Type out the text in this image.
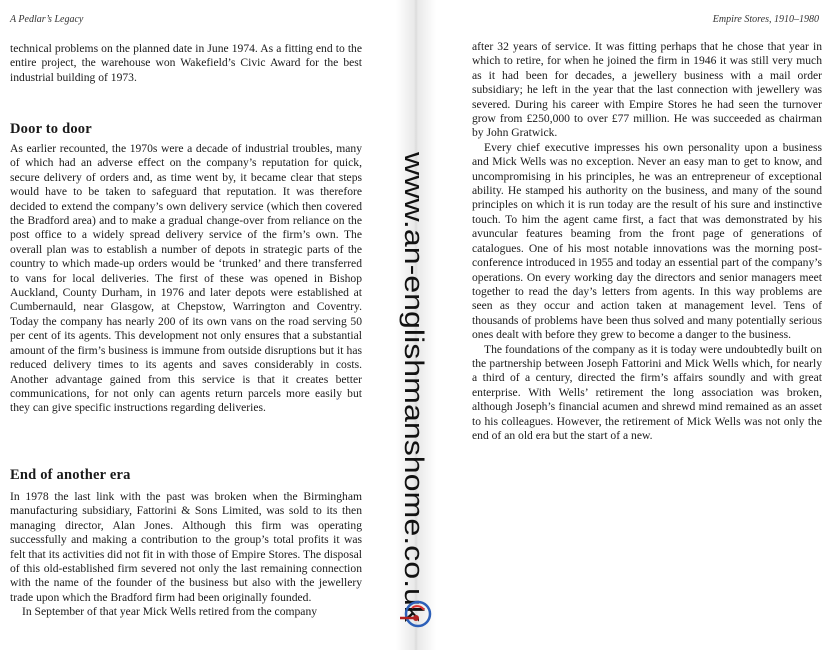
A Pedlar’s Legacy

technical problems on the planned date in June 1974. As a fitting end to the entire project, the warehouse won Wakefield’s Civic Award for the best industrial building of 1973.

Door to door

As earlier recounted, the 1970s were a decade of industrial troubles, many of which had an adverse effect on the company’s reputation for quick, secure delivery of orders and, as time went by, it became clear that steps would have to be taken to safeguard that reputation. It was therefore decided to extend the company’s own delivery service (which then covered the Bradford area) and to make a gradual change-over from reliance on the post office to a widely spread delivery service of the firm’s own. The overall plan was to establish a number of depots in strategic parts of the country to which made-up orders would be ‘trunked’ and there transferred to vans for local deliveries. The first of these was opened in Bishop Auckland, County Durham, in 1976 and later depots were established at Cumbernauld, near Glasgow, at Chepstow, Warrington and Coventry. Today the company has nearly 200 of its own vans on the road serving 50 per cent of its agents. This development not only ensures that a substantial amount of the firm’s business is immune from outside disruptions but it has reduced delivery times to its agents and saves considerably in costs. Another advantage gained from this service is that it creates better communications, for not only can agents return parcels more easily but they can give specific instructions regarding deliveries.

End of another era

In 1978 the last link with the past was broken when the Birmingham manufacturing subsidiary, Fattorini & Sons Limited, was sold to its then managing director, Alan Jones. Although this firm was operating successfully and making a contribution to the group’s total profits it was felt that its activities did not fit in with those of Empire Stores. The disposal of this old-established firm severed not only the last remaining connection with the name of the founder of the business but also with the jewellery trade upon which the Bradford firm had been originally founded.

In September of that year Mick Wells retired from the company

Empire Stores, 1910–1980

after 32 years of service. It was fitting perhaps that he chose that year in which to retire, for when he joined the firm in 1946 it was still very much as it had been for decades, a jewellery business with a mail order subsidiary; he left in the year that the last connection with jewellery was severed. During his career with Empire Stores he had seen the turnover grow from £250,000 to over £77 million. He was succeeded as chairman by John Gratwick.

Every chief executive impresses his own personality upon a business and Mick Wells was no exception. Never an easy man to get to know, and uncompromising in his principles, he was an entrepreneur of exceptional ability. He stamped his authority on the business, and many of the sound principles on which it is run today are the result of his sure and instinctive touch. To him the agent came first, a fact that was demonstrated by his avuncular features beaming from the front page of generations of catalogues. One of his most notable innovations was the morning post-conference introduced in 1955 and today an essential part of the company’s operations. On every working day the directors and senior managers meet together to read the day’s letters from agents. In this way problems are seen as they occur and action taken at management level. Tens of thousands of problems have been thus solved and many potentially serious ones dealt with before they grew to become a danger to the business.

The foundations of the company as it is today were undoubtedly built on the partnership between Joseph Fattorini and Mick Wells which, for nearly a third of a century, directed the firm’s affairs soundly and with great enterprise. With Wells’ retirement the long association was broken, although Joseph’s financial acumen and shrewd mind remained as an asset to his colleagues. However, the retirement of Mick Wells was not only the end of an old era but the start of a new.

www.an-englishmanshome.co.uk
